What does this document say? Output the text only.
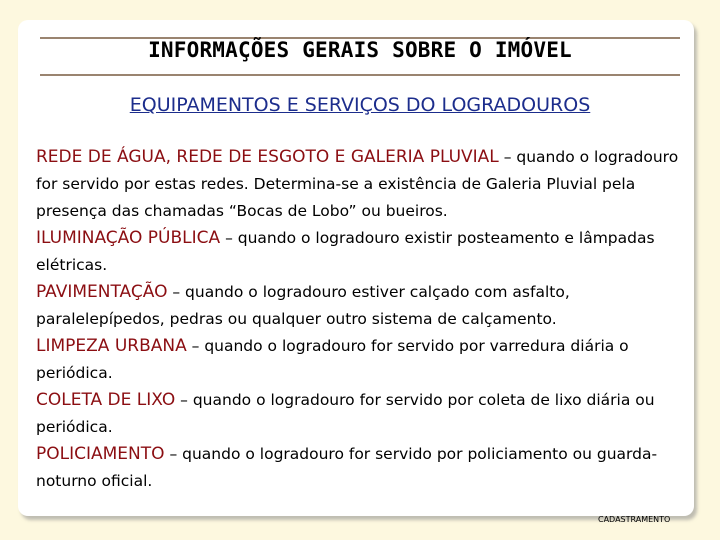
INFORMAÇÕES GERAIS SOBRE O IMÓVEL
EQUIPAMENTOS E SERVIÇOS DO LOGRADOUROS

REDE DE ÁGUA, REDE DE ESGOTO E GALERIA PLUVIAL – quando o logradouro for servido por estas redes. Determina-se a existência de Galeria Pluvial pela presença das chamadas “Bocas de Lobo” ou bueiros.

ILUMINAÇÃO PÚBLICA – quando o logradouro existir posteamento e lâmpadas elétricas.

PAVIMENTAÇÃO – quando o logradouro estiver calçado com asfalto, paralelepípedos, pedras ou qualquer outro sistema de calçamento.

LIMPEZA URBANA – quando o logradouro for servido por varredura diária o periódica.

COLETA DE LIXO – quando o logradouro for servido por coleta de lixo diária ou periódica.

POLICIAMENTO – quando o logradouro for servido por policiamento ou guarda-noturno oficial.

CADASTRAMENTO
